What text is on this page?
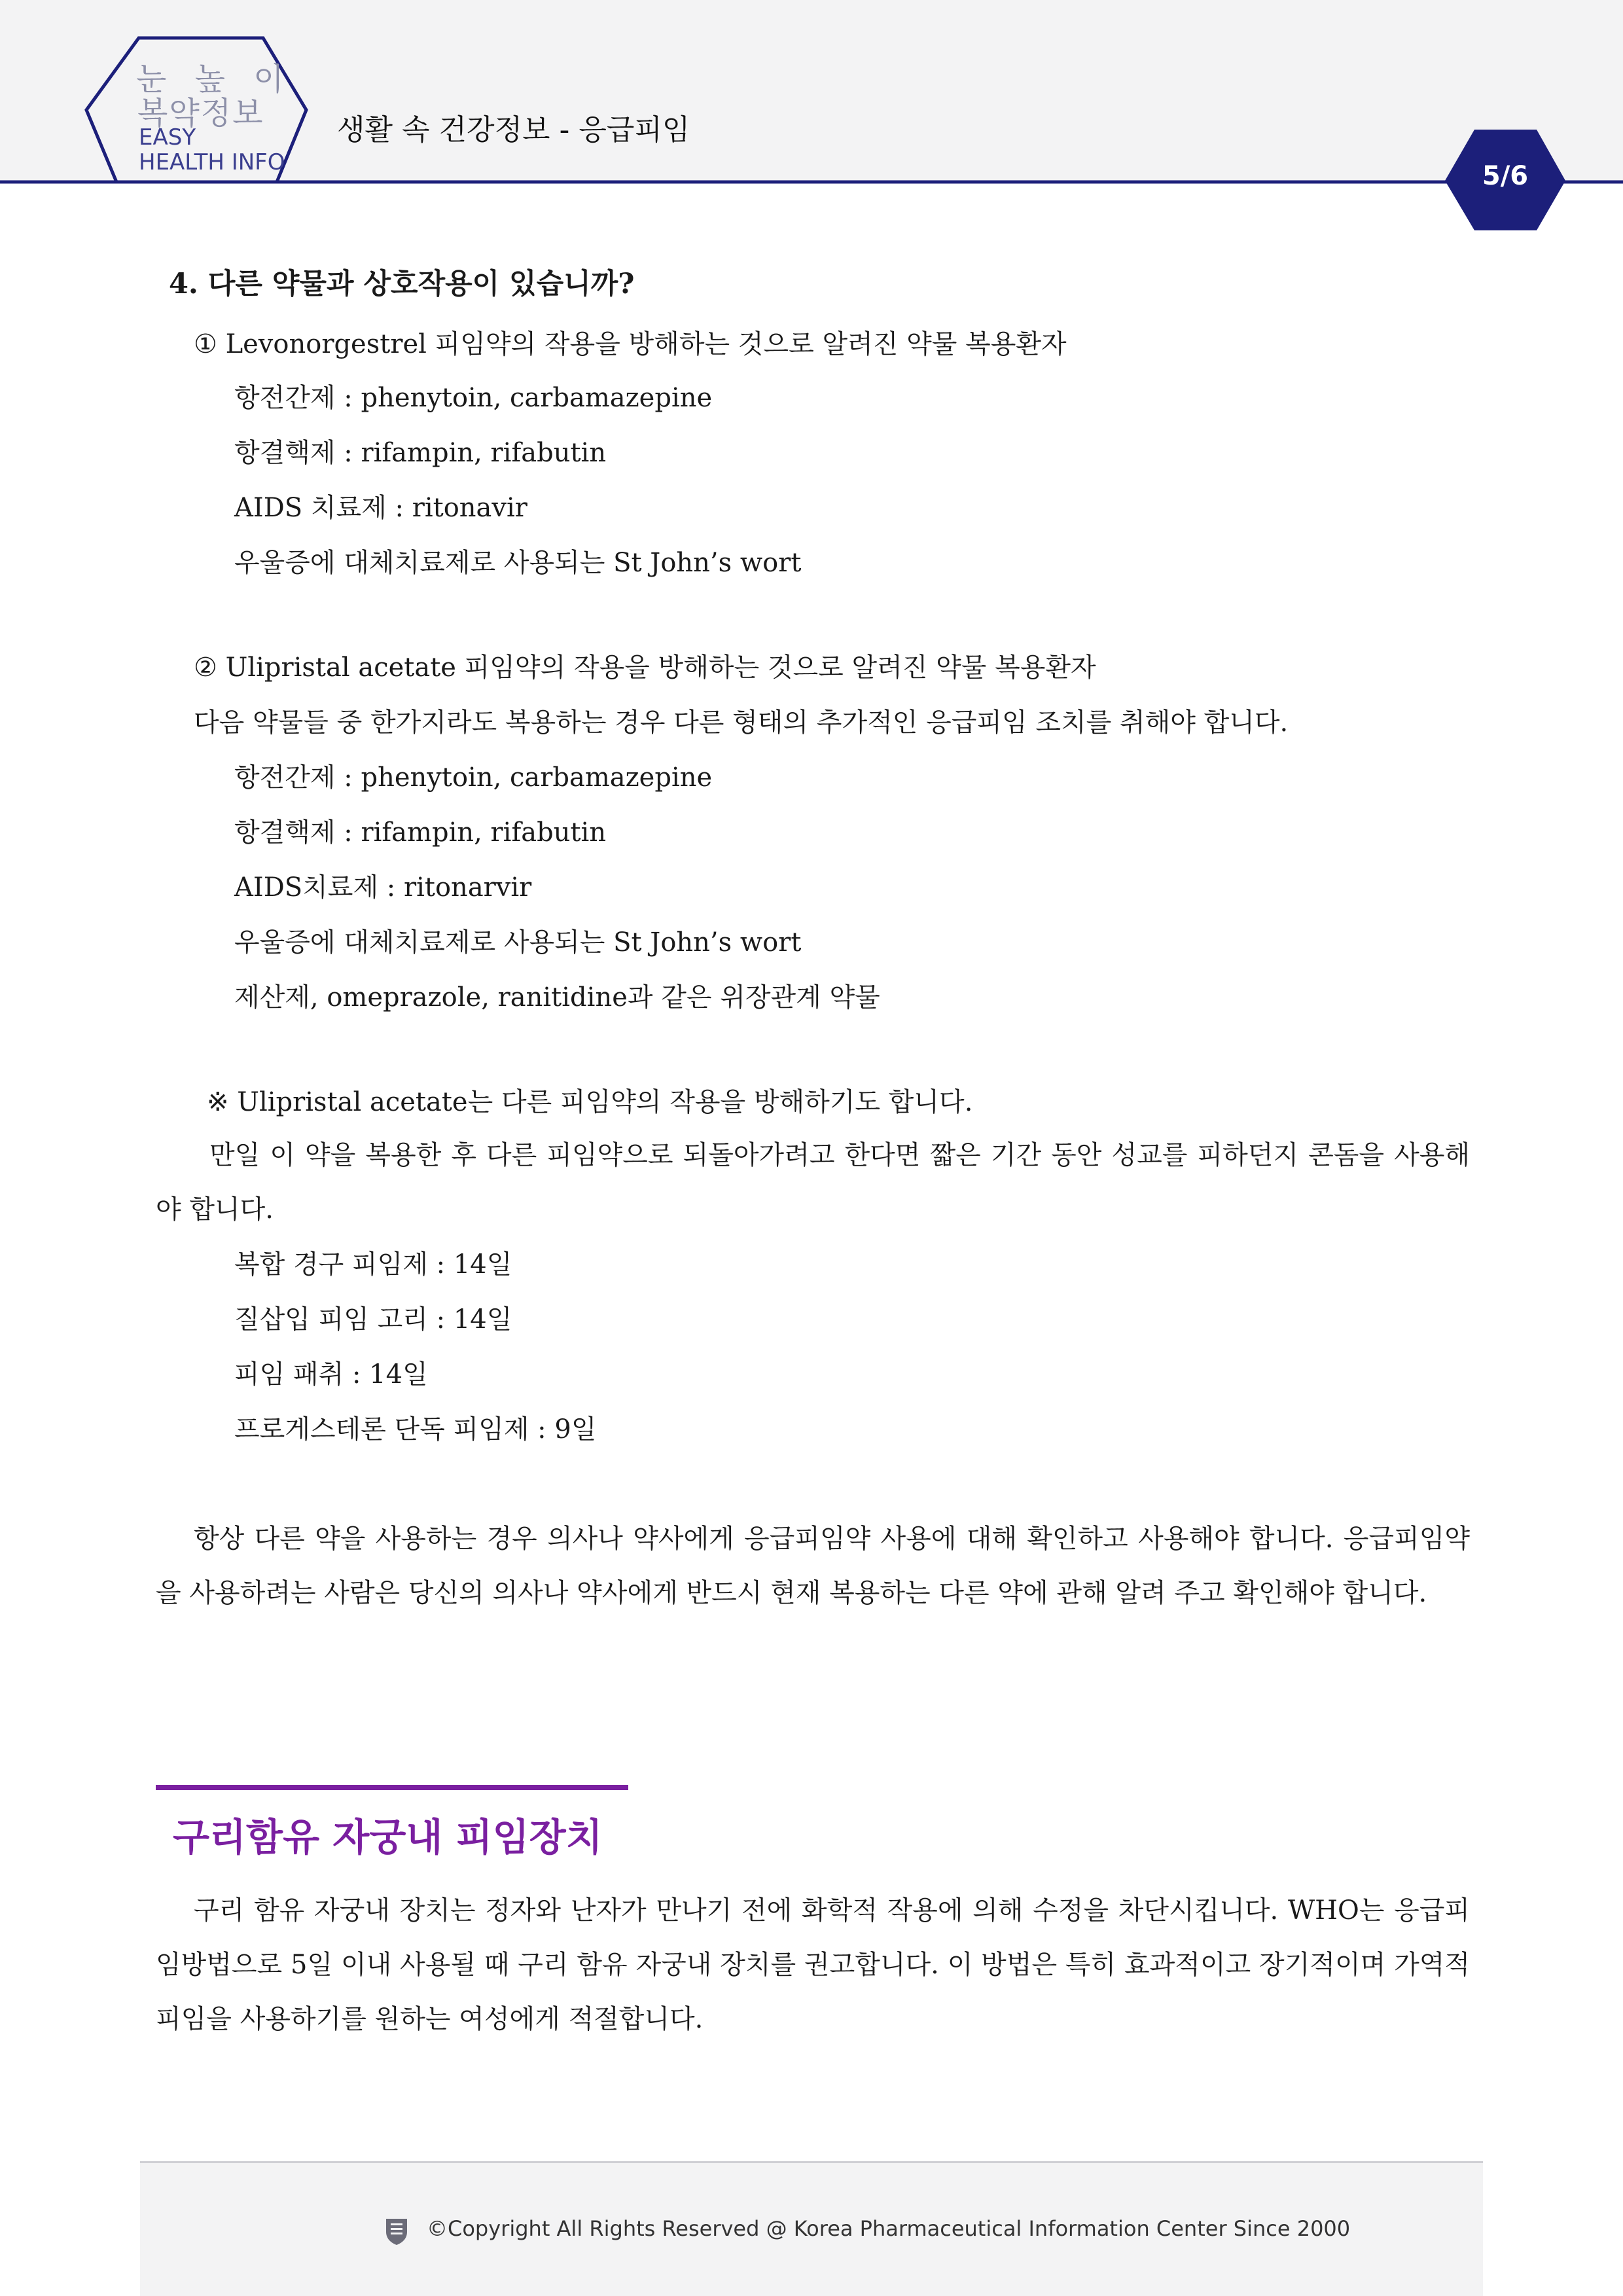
눈 높 이
복약정보
EASY
HEALTH INFO
생활 속 건강정보 - 응급피임
5/6
4. 다른 약물과 상호작용이 있습니까?
① Levonorgestrel 피임약의 작용을 방해하는 것으로 알려진 약물 복용환자
항전간제 : phenytoin, carbamazepine
항결핵제 : rifampin, rifabutin
AIDS 치료제 : ritonavir
우울증에 대체치료제로 사용되는 St John’s wort
② Ulipristal acetate 피임약의 작용을 방해하는 것으로 알려진 약물 복용환자
다음 약물들 중 한가지라도 복용하는 경우 다른 형태의 추가적인 응급피임 조치를 취해야 합니다.
항전간제 : phenytoin, carbamazepine
항결핵제 : rifampin, rifabutin
AIDS치료제 : ritonarvir
우울증에 대체치료제로 사용되는 St John’s wort
제산제, omeprazole, ranitidine과 같은 위장관계 약물
※ Ulipristal acetate는 다른 피임약의 작용을 방해하기도 합니다.
만일 이 약을 복용한 후 다른 피임약으로 되돌아가려고 한다면 짧은 기간 동안 성교를 피하던지 콘돔을 사용해야 합니다.
복합 경구 피임제 : 14일
질삽입 피임 고리 : 14일
피임 패취 : 14일
프로게스테론 단독 피임제 : 9일
항상 다른 약을 사용하는 경우 의사나 약사에게 응급피임약 사용에 대해 확인하고 사용해야 합니다. 응급피임약을 사용하려는 사람은 당신의 의사나 약사에게 반드시 현재 복용하는 다른 약에 관해 알려 주고 확인해야 합니다.
구리함유 자궁내 피임장치
구리 함유 자궁내 장치는 정자와 난자가 만나기 전에 화학적 작용에 의해 수정을 차단시킵니다. WHO는 응급피임방법으로 5일 이내 사용될 때 구리 함유 자궁내 장치를 권고합니다. 이 방법은 특히 효과적이고 장기적이며 가역적 피임을 사용하기를 원하는 여성에게 적절합니다.
©Copyright All Rights Reserved @ Korea Pharmaceutical Information Center Since 2000
